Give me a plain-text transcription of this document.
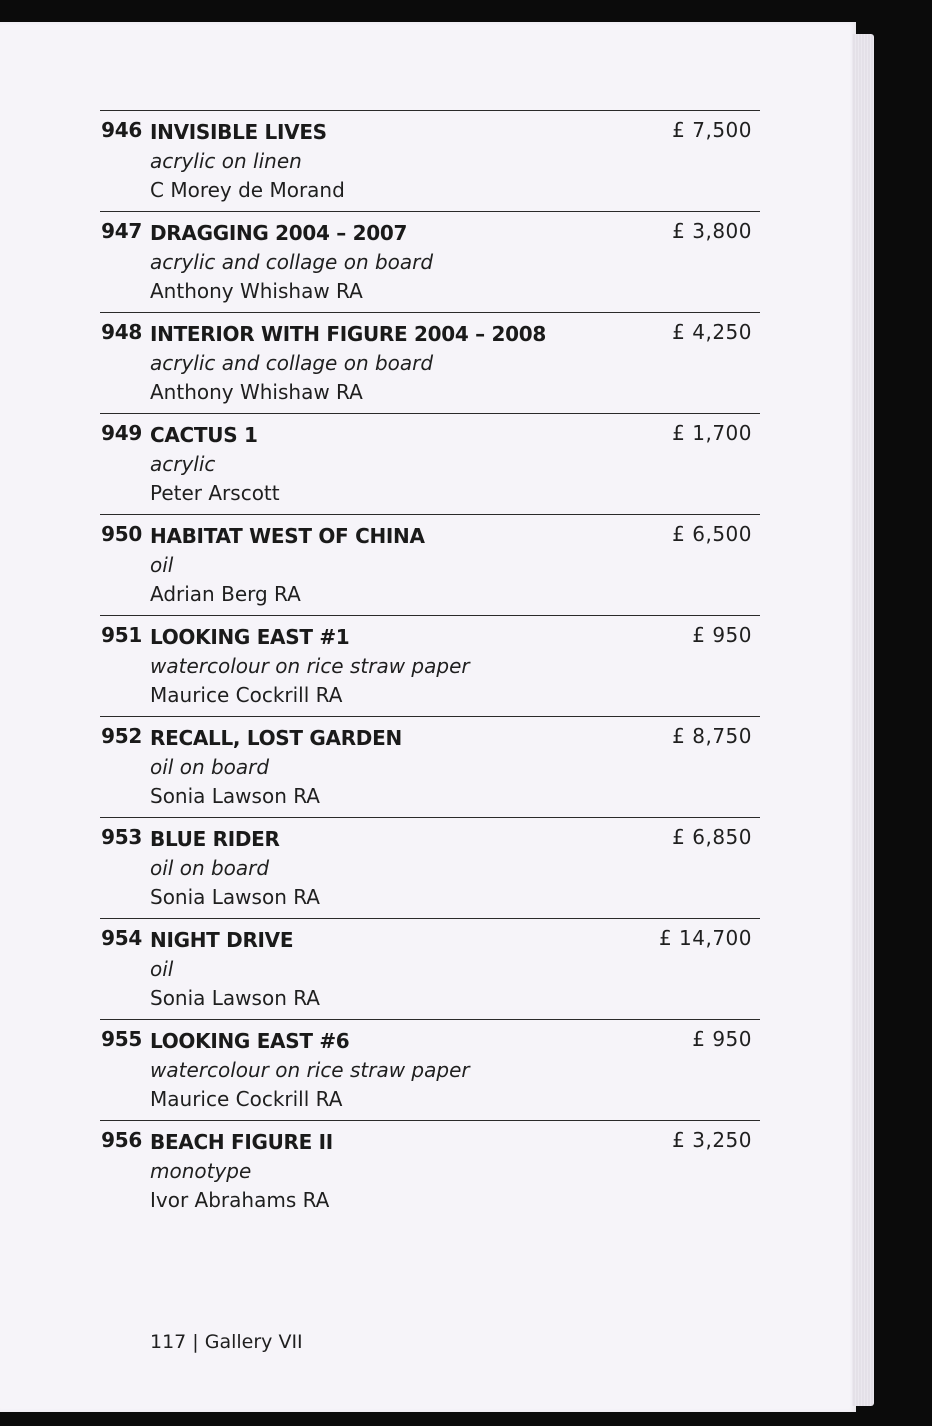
946 INVISIBLE LIVES
acrylic on linen
C Morey de Morand
£ 7,500
947 DRAGGING 2004 – 2007
acrylic and collage on board
Anthony Whishaw RA
£ 3,800
948 INTERIOR WITH FIGURE 2004 – 2008
acrylic and collage on board
Anthony Whishaw RA
£ 4,250
949 CACTUS 1
acrylic
Peter Arscott
£ 1,700
950 HABITAT WEST OF CHINA
oil
Adrian Berg RA
£ 6,500
951 LOOKING EAST #1
watercolour on rice straw paper
Maurice Cockrill RA
£ 950
952 RECALL, LOST GARDEN
oil on board
Sonia Lawson RA
£ 8,750
953 BLUE RIDER
oil on board
Sonia Lawson RA
£ 6,850
954 NIGHT DRIVE
oil
Sonia Lawson RA
£ 14,700
955 LOOKING EAST #6
watercolour on rice straw paper
Maurice Cockrill RA
£ 950
956 BEACH FIGURE II
monotype
Ivor Abrahams RA
£ 3,250
117 | Gallery VII
